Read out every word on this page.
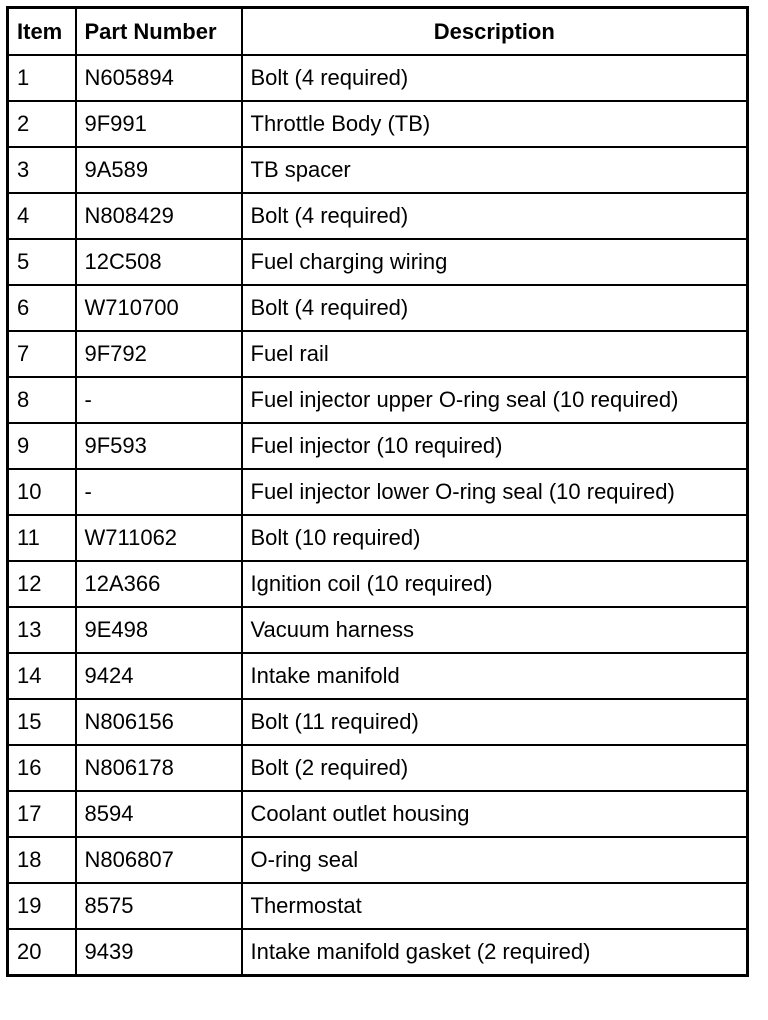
Item	Part Number	Description
1	N605894	Bolt (4 required)
2	9F991	Throttle Body (TB)
3	9A589	TB spacer
4	N808429	Bolt (4 required)
5	12C508	Fuel charging wiring
6	W710700	Bolt (4 required)
7	9F792	Fuel rail
8	-	Fuel injector upper O-ring seal (10 required)
9	9F593	Fuel injector (10 required)
10	-	Fuel injector lower O-ring seal (10 required)
11	W711062	Bolt (10 required)
12	12A366	Ignition coil (10 required)
13	9E498	Vacuum harness
14	9424	Intake manifold
15	N806156	Bolt (11 required)
16	N806178	Bolt (2 required)
17	8594	Coolant outlet housing
18	N806807	O-ring seal
19	8575	Thermostat
20	9439	Intake manifold gasket (2 required)
